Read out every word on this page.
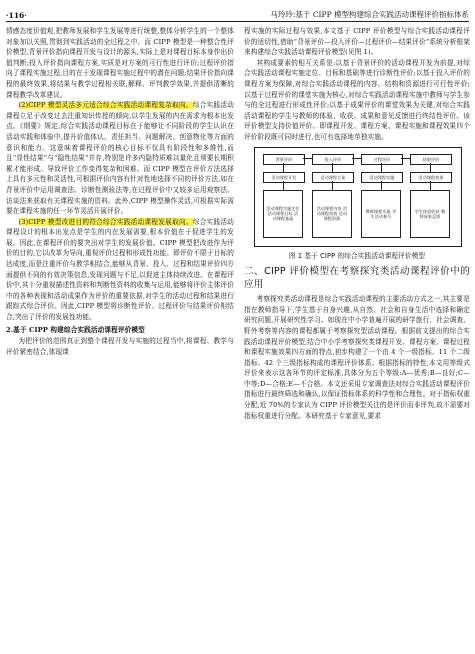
·116·	马玲玲:基于 CIPP 模型构建综合实践活动课程评价指标体系

情感态度价值观,把教师发展和学生发展等进行统整,整体分析学生的一个整体对象加以关照,贯彻到实践活动的全过程之中。而 CIPP 模型是一种整合性评价模型,背景评价指向课程开发与设计的源头,实际上是对课程目标本身作出价值判断;投入评价指向课程方案,实质是对方案的可行性进行评价;过程评价指向了课程实施过程,目的在于发现课程实施过程中的潜在问题;结果评价指向课程的最终效果,将结果与教学过程相关联,解释、评判教学效果,并提供清晰的课程教学改革建议。

(2)CIPP 模型灵活多元适合综合实践活动课程复杂取向。综合实践活动课程立足于改变过去注重知识传授的倾向,以学生发展的内在需求为根本出发点。《纲要》规定,综合实践活动课程目标在于能够让不同阶段的学生认识在活动实践和体验中,提升价值体认、责任担当、问题解决、创意物化等方面的意识和能力。这意味着课程评价的核心目标不仅具有阶段性和多维性,而且“显性结果”与“隐性结果”并存,特别是许多内隐特质难以量化且须要长期积累才能形成。导致评价工作变得复杂和困难。而 CIPP 模型在评价方法选择上具有多元性和灵活性,可根据评价内容有针对性地选择不同的评价方法,如在背景评价中运用调查法、诊断性测验法等,在过程评价中又较多运用观察法、访谈法来获取有关课程实施的资料。此外,CIPP 模型操作灵活,可根据实际需要在课程实施的任一环节灵活开展评价。

(3)CIPP 模型改进目的符合综合实践活动课程发展取向。综合实践活动课程设计的根本出发点是学生的内在发展需要,根本价值在于促进学生的发展。因此,在课程评价的要突出对学生的发展价值。CIPP 模型把改进作为评价的目的,它以改革为导向,重视评价过程和形成性功能。即评价不限于目标的达成度,而是注重评价与教学相结合,能够从背景、投入、过程和结果评价四方面提供不同的有效决策信息,发现问题与不足,以促进主体持续改进。在课程评价中,其十分重视描述性资料和判断性资料的收集与运用,能够将评价主体评价中的各种表现和活动成果作为评价的重要依据,对学生的活动过程和结果进行跟踪式综合评价。因此,CIPP 模型将诊断性评价、过程评价与结果评价相结合,突出了评价的发展性功能。

2.基于 CIPP 构建综合实践活动课程评价模型

为把评价的范围真正到整个课程开发与实施的过程当中,将课程、教学与评价紧密结合,体现课

程实施的实际过程与效果,本文基于 CIPP 评价模型与综合实践活动课程评价的适切性,借助“背景评价—投入评价—过程评价—结果评价”系统分析框架来构建综合实践活动课程评价模型(见图 1)。

其构成要素的相互关系是:以基于背景评价的活动课程开发为前提,对综合实践活动课程实施定位、目标和基础等进行诊断性评价;以基于投入评价的课程方案为保障,对综合实践活动课程的内容、结构和资源进行可行性评价;以基于过程评价的课堂实施为核心,对综合实践活动课程实施中教师与学生参与的全过程进行形成性评价;以基于成果评价的课堂效果为关键,对综合实践活动课程的学生与教师的体验、收获、成果和意见反馈进行终结性评价。该评价模型支持价值评价、即课程开发、课程方案、课程实施和课程效果四个评价阶段既可同时进行,也可有选择地单独实施。

背景评价	投入评价	过程评价	结果评价
活动课程开发	活动课程方案	活动课程实施	活动课程效果
活动课程实施定位 活动课程目标 活动课程基础
活动课程内容 活动课程结构 活动课程资源
教师课程实施 学生活动参与
学生体验收获 教师成果反馈
图 1 基于 CIPP 的综合实践活动课程评价模型
二、CIPP 评价模型在考察探究类活动课程评价中的应用

考察探究类活动课程是综合实践活动课程的主要活动方式之一,其主要是指在教师指导下,学生基于自身兴趣,从自然、社会和自身生活中选择和确定研究问题,开展研究性学习。如现在中小学普遍开展的研学旅行、社会调查、野外考察等内容的课程都属于考察探究型活动课程。根据前文提出的综合实践活动课程评价模型,结合中小学考察探究类课程开发、课程方案、课程过程和课程实施效果四方面的特点,初步构建了一个由 4 个一级指标、11 个二级指标、42 个三级指标构成的课程评价体系。根据指标的特性,本文用等级式评价来表示这各环节的评定标准,具体分为五个等级:A—优秀;B—良好;C—中等;D—合格;E—不合格。本文还采用专家调查法对综合实践活动课程评价指标进行最终筛选和确认,以保证指标体系的科学性和合理性。对于指标权重分配,近 70%的专家认为 CIPP 评价模型关注的是评价而非评判,故不需要对指标权重进行分配。本研究基于专家意见,要求
